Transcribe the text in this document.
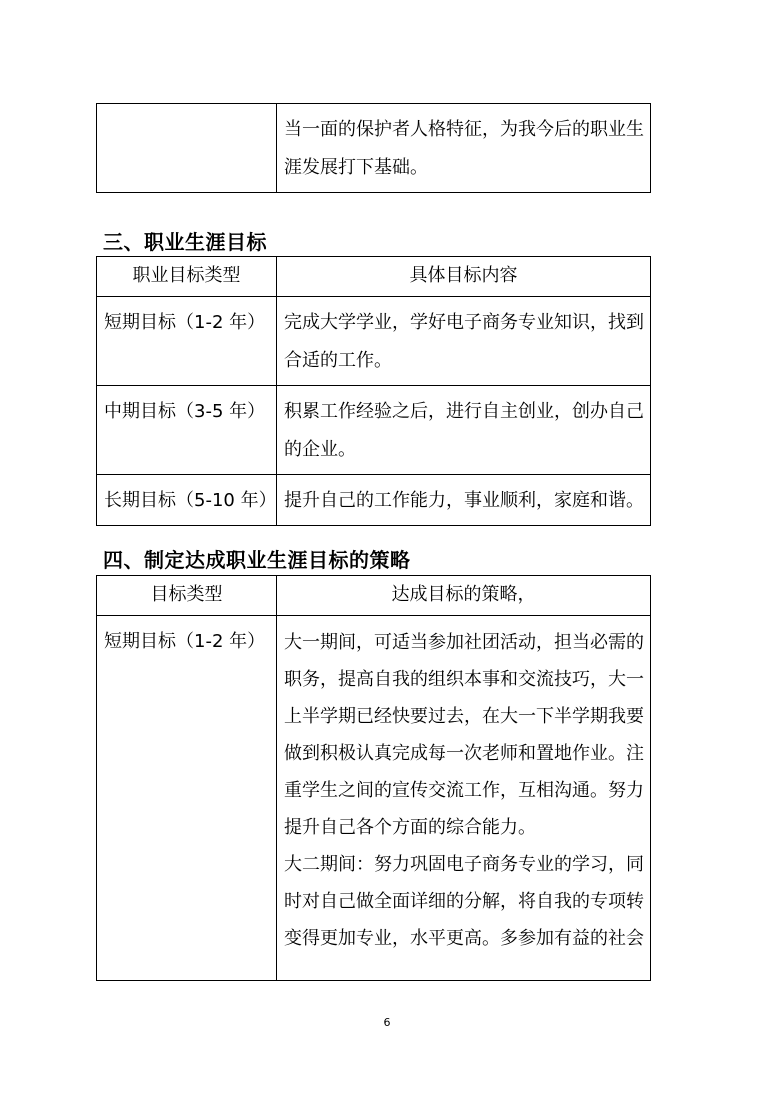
当一面的保护者人格特征，为我今后的职业生涯发展打下基础。
三、职业生涯目标
职业目标类型	具体目标内容

短期目标（1-2 年）	完成大学学业，学好电子商务专业知识，找到合适的工作。

中期目标（3-5 年）	积累工作经验之后，进行自主创业，创办自己的企业。

长期目标（5-10 年）	提升自己的工作能力，事业顺利，家庭和谐。
四、制定达成职业生涯目标的策略
目标类型	达成目标的策略，

短期目标（1-2 年）	大一期间，可适当参加社团活动，担当必需的职务，提高自我的组织本事和交流技巧，大一上半学期已经快要过去，在大一下半学期我要做到积极认真完成每一次老师和置地作业。注重学生之间的宣传交流工作，互相沟通。努力提升自己各个方面的综合能力。
大二期间：努力巩固电子商务专业的学习，同时对自己做全面详细的分解，将自我的专项转变得更加专业，水平更高。多参加有益的社会
6
